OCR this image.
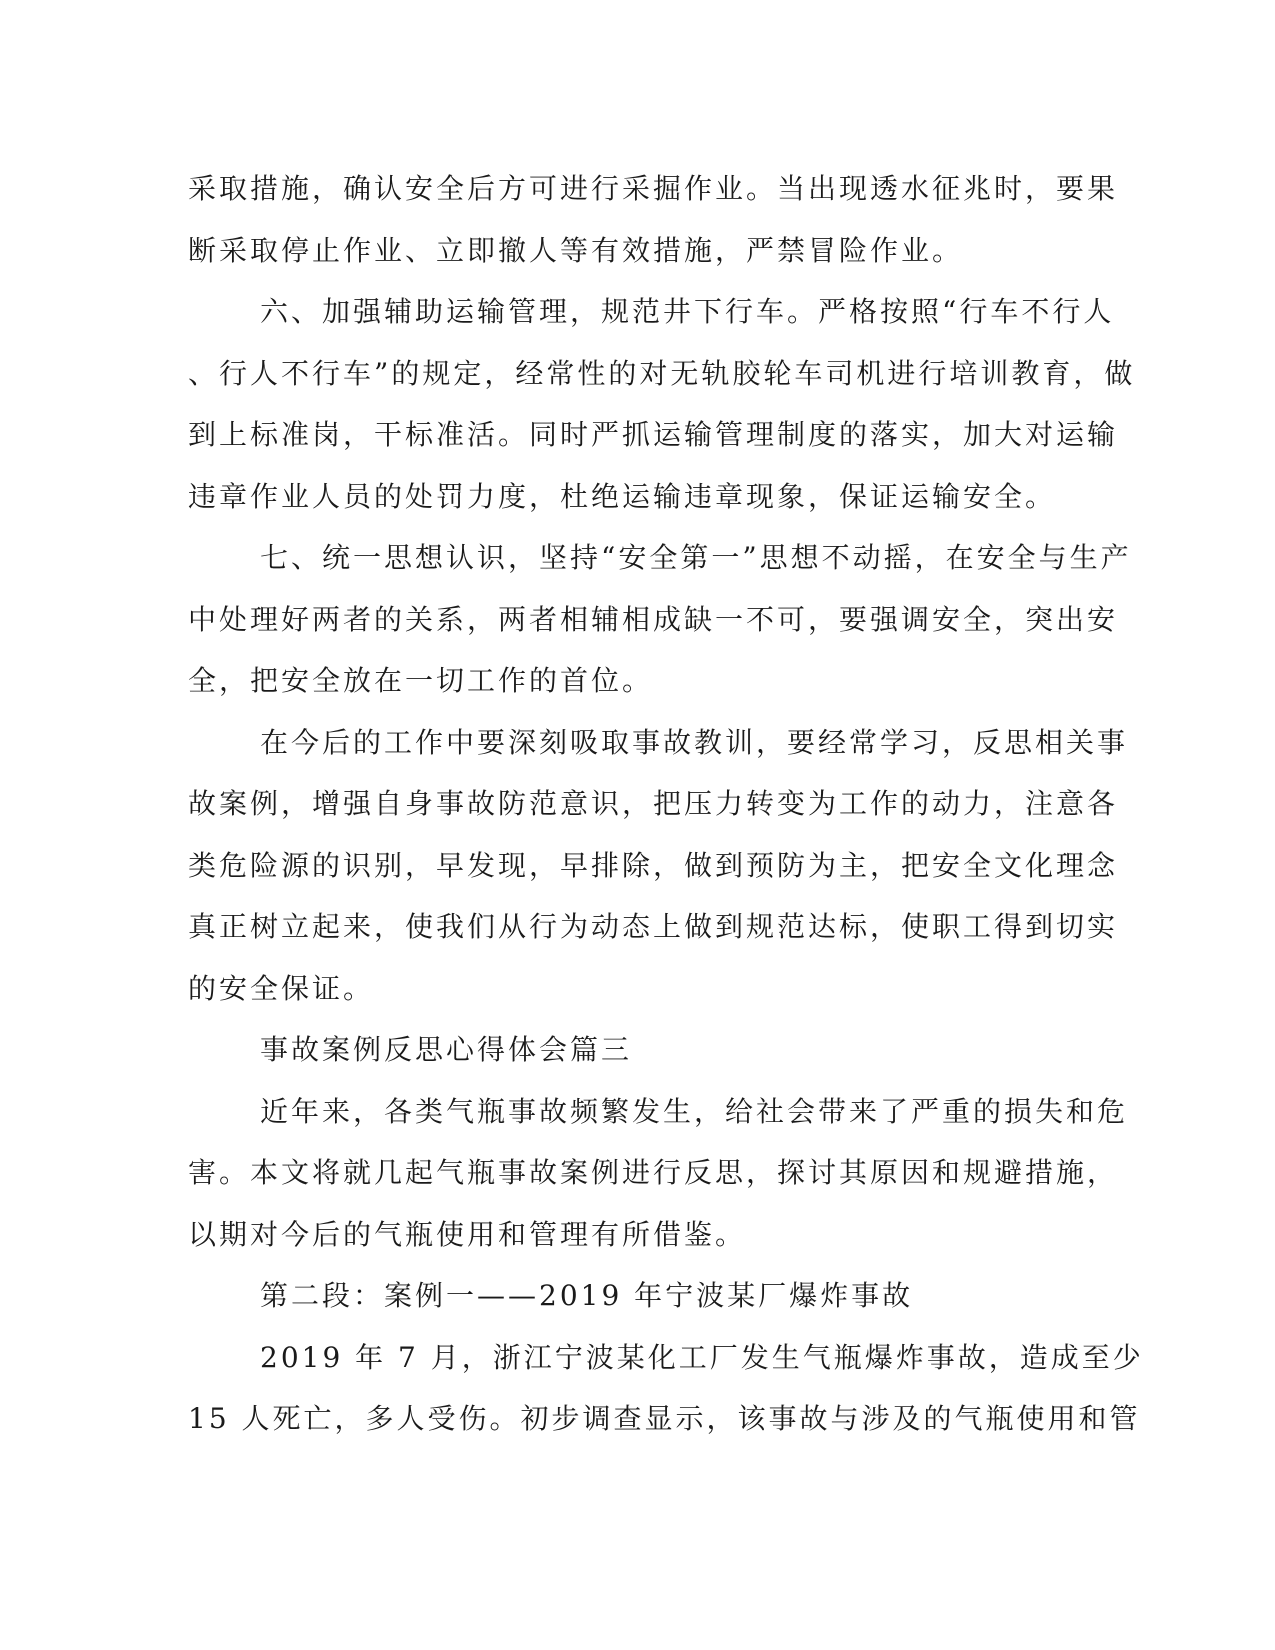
采取措施，确认安全后方可进行采掘作业。当出现透水征兆时，要果
断采取停止作业、立即撤人等有效措施，严禁冒险作业。
六、加强辅助运输管理，规范井下行车。严格按照“行车不行人
、行人不行车”的规定，经常性的对无轨胶轮车司机进行培训教育，做
到上标准岗，干标准活。同时严抓运输管理制度的落实，加大对运输
违章作业人员的处罚力度，杜绝运输违章现象，保证运输安全。
七、统一思想认识，坚持“安全第一”思想不动摇，在安全与生产
中处理好两者的关系，两者相辅相成缺一不可，要强调安全，突出安
全，把安全放在一切工作的首位。
在今后的工作中要深刻吸取事故教训，要经常学习，反思相关事
故案例，增强自身事故防范意识，把压力转变为工作的动力，注意各
类危险源的识别，早发现，早排除，做到预防为主，把安全文化理念
真正树立起来，使我们从行为动态上做到规范达标，使职工得到切实
的安全保证。
事故案例反思心得体会篇三
近年来，各类气瓶事故频繁发生，给社会带来了严重的损失和危
害。本文将就几起气瓶事故案例进行反思，探讨其原因和规避措施，
以期对今后的气瓶使用和管理有所借鉴。
第二段：案例一——2019 年宁波某厂爆炸事故
2019 年 7 月，浙江宁波某化工厂发生气瓶爆炸事故，造成至少
15 人死亡，多人受伤。初步调查显示，该事故与涉及的气瓶使用和管
